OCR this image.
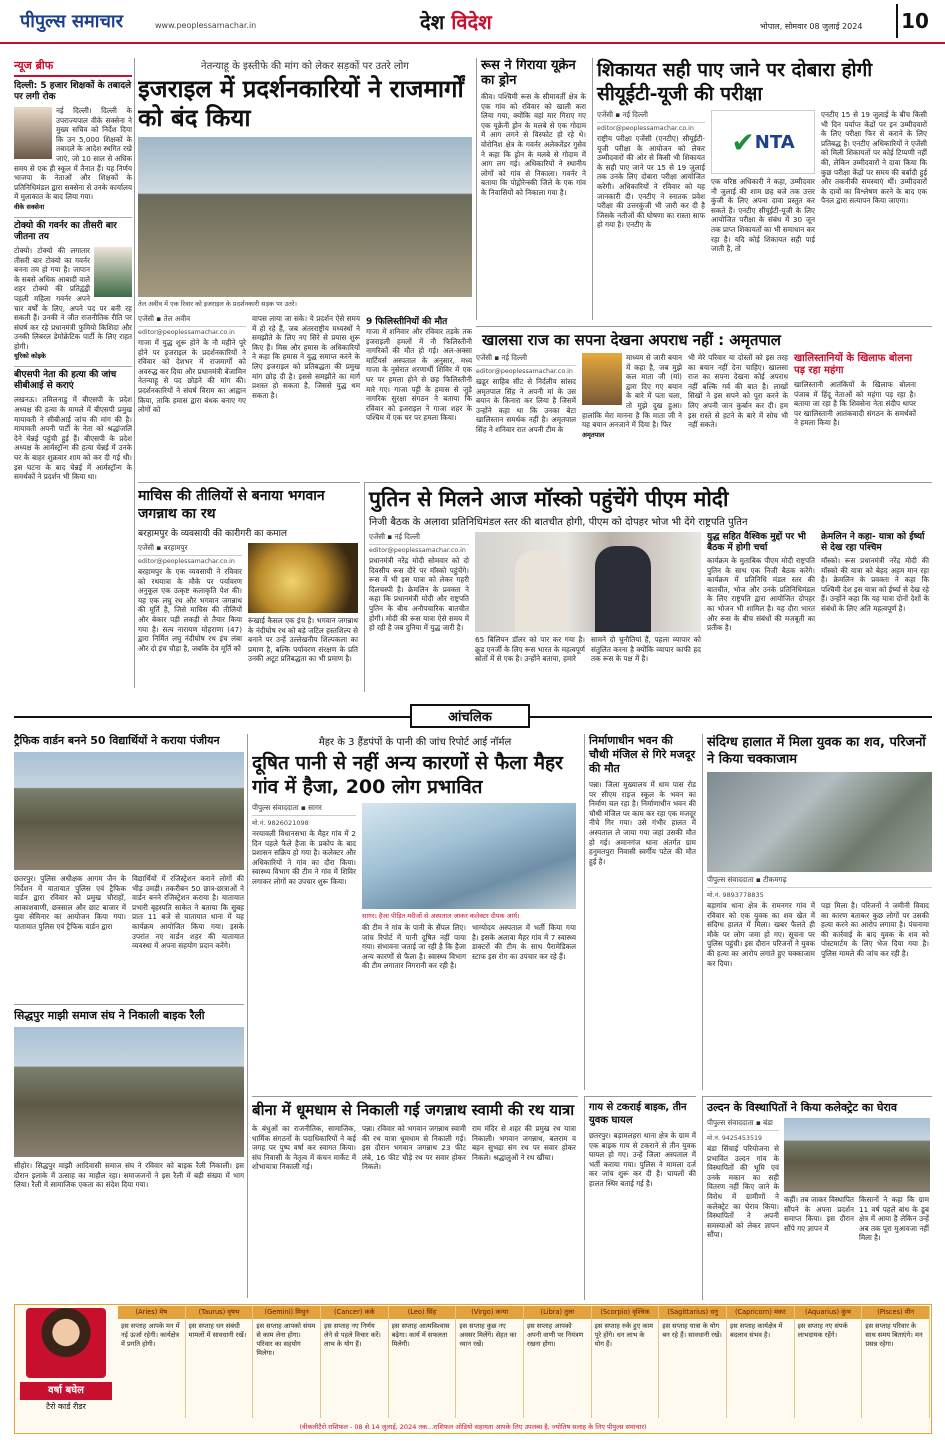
पीपुल्स समाचार	www.peoplessamachar.in	देश विदेश	भोपाल, सोमवार 08 जुलाई 2024 10
न्यूज ब्रीफ
दिल्ली: 5 हजार शिक्षकों के तबादले पर लगी रोक
नई दिल्ली। दिल्ली के उपराज्यपाल वीके सक्सेना ने मुख्य सचिव को निर्देश दिया कि उन 5,000 शिक्षकों के तबादले के आदेश स्थगित रखे जाएं, जो 10 साल से अधिक समय से एक ही स्कूल में तैनात हैं। यह निर्णय भाजपा के नेताओं और शिक्षकों के प्रतिनिधिमंडल द्वारा सक्सेना से उनके कार्यालय में मुलाकात के बाद लिया गया।
वीके सक्सेना
टोक्यो की गवर्नर का तीसरी बार जीतना तय
टोक्यो। टोक्यो की लगातार तीसरी बार टोक्यो का गवर्नर बनना तय हो गया है। जापान के सबसे अधिक आबादी वाले शहर टोक्यो की प्रतिद्वंद्वी पहली महिला गवर्नर अपने चार वर्षों के लिए, अपने पद पर बनी रह सकती हैं। उनकी ने जीत राजनीतिक रीति पर संघर्ष कर रहे प्रधानमंत्री फुमियो किशिदा और उनकी लिबरल डेमोक्रेटिक पार्टी के लिए राहत होगी।
यूरिको कोइके
बीएसपी नेता की हत्या की जांच सीबीआई से कराएं
लखनऊ। तमिलनाडु में बीएसपी के प्रदेश अध्यक्ष की हत्या के मामले में बीएसपी प्रमुख मायावती ने सीबीआई जांच की मांग की है। मायावती अपनी पार्टी के नेता को श्रद्धांजलि देने चेन्नई पहुंची हुई हैं। बीएसपी के प्रदेश अध्यक्ष के आर्मस्ट्रॉन्ग की हत्या चेन्नई में उनके घर के बाहर शुक्रवार शाम को कर दी गई थी। इस घटना के बाद चेन्नई में आर्मस्ट्रॉन्ग के समर्थकों ने प्रदर्शन भी किया था।
नेतन्याहू के इस्तीफे की मांग को लेकर सड़कों पर उतरे लोग
इजराइल में प्रदर्शनकारियों ने राजमार्गों को बंद किया
तेल अवीव में एक रिवार को इजराइल के प्रदर्शनकारी सड़क पर उतरे।
एजेंसी ▪ तेल अवीव
editor@peoplessamachar.co.in
गाजा में युद्ध शुरू होने के नौ महीने पूरे होने पर इजराइल के प्रदर्शनकारियों ने रविवार को देशभर में राजमार्गों को अवरुद्ध कर दिया और प्रधानमंत्री बेंजामिन नेतन्याहू से पद छोड़ने की मांग की। प्रदर्शनकारियों ने संघर्ष विराम का आह्वान किया, ताकि हमास द्वारा बंधक बनाए गए लोगों को
वापस लाया जा सके। ये प्रदर्शन ऐसे समय में हो रहे हैं, जब अंतरराष्ट्रीय मध्यस्थों ने समझौते के लिए नए सिरे से प्रयास शुरू किए हैं। मिस्र और हमास के अधिकारियों ने कहा कि हमास ने युद्ध समाप्त करने के लिए इजराइल को प्रतिबद्धता की प्रमुख मांग छोड़ दी है। इससे समझौते का मार्ग प्रशस्त हो सकता है, जिससे युद्ध थम सकता है।
9 फिलिस्तीनियों की मौत
गाजा में शनिवार और रविवार तड़के तक इजराइली हमलों में नौ फिलिस्तीनी नागरिकों की मौत हो गई। अल-अक्सा मार्टियर्स अस्पताल के अनुसार, मध्य गाजा के नुसेरात शरणार्थी शिविर में एक घर पर हमला होने से छह फिलिस्तीनी मारे गए। गाजा पट्टी के हमास से जुड़े नागरिक सुरक्षा संगठन ने बताया कि रविवार को इजराइल ने गाजा शहर के पश्चिम में एक घर पर हमला किया।
रूस ने गिराया यूक्रेन का ड्रोन
कीव। पश्चिमी रूस के सीमावर्ती क्षेत्र के एक गांव को रविवार को खाली करा लिया गया, क्योंकि वहां मार गिराए गए एक यूक्रेनी ड्रोन के मलबे से एक गोदाम में आग लगने से विस्फोट हो रहे थे। वोरोनिश क्षेत्र के गवर्नर अलेक्जेंडर गुसेव ने कहा कि ड्रोन के मलबे से गोदाम में आग लग गई। अधिकारियों ने स्थानीय लोगों को गांव से निकाला। गवर्नर ने बताया कि पोद्गोरेन्स्की जिले के एक गांव के निवासियों को निकाला गया है।
शिकायत सही पाए जाने पर दोबारा होगी सीयूईटी-यूजी की परीक्षा
एजेंसी ▪ नई दिल्ली
editor@peoplessamachar.co.in
राष्ट्रीय परीक्षा एजेंसी (एनटीए) सीयूईटी-यूजी परीक्षा के आयोजन को लेकर उम्मीदवारों की ओर से किसी भी शिकायत के सही पाए जाने पर 15 से 19 जुलाई तक उनके लिए दोबारा परीक्षा आयोजित करेगी। अधिकारियों ने रविवार को यह जानकारी दी। एनटीए ने स्नातक प्रवेश परीक्षा की उत्तरकुंजी भी जारी कर दी है जिसके नतीजों की घोषणा का रास्ता साफ हो गया है। एनटीए के
✔ NTA
एक वरिष्ठ अधिकारी ने कहा, उम्मीदवार नौ जुलाई की शाम छह बजे तक उत्तर कुंजी के लिए अपना दावा प्रस्तुत कर सकते हैं। एनटीए सीयूईटी-यूजी के लिए आयोजित परीक्षा के संबंध में 30 जून तक प्राप्त शिकायतों का भी समाधान कर रहा है। यदि कोई शिकायत सही पाई जाती है, तो
एनटीए 15 से 19 जुलाई के बीच किसी भी दिन पर्याप्त केंद्रों पर इन उम्मीदवारों के लिए परीक्षा फिर से कराने के लिए प्रतिबद्ध है। एनटीए अधिकारियों ने एजेंसी को मिली शिकायतों पर कोई टिप्पणी नहीं की, लेकिन उम्मीदवारों ने दावा किया कि कुछ परीक्षा केंद्रों पर समय की बर्बादी हुई और तकनीकी समस्याएं थीं। उम्मीदवारों के दावों का विश्लेषण करने के बाद एक पैनल द्वारा सत्यापन किया जाएगा।
खालसा राज का सपना देखना अपराध नहीं : अमृतपाल
एजेंसी ▪ नई दिल्ली
editor@peoplessamachar.co.in
खडूर साहिब सीट से निर्दलीय सांसद अमृतपाल सिंह ने अपनी मां के उस बयान के किनारा कर लिया है जिसमें उन्होंने कहा था कि उनका बेटा खालिस्तान समर्थक नहीं है। अमृतपाल सिंह ने शनिवार रात अपनी टीम के
माध्यम से जारी बयान में कहा है, जब मुझे कल माता जी (मां) द्वारा दिए गए बयान के बारे में पता चला, तो मुझे दुख हुआ। हालांकि मेरा मानना है कि माता जी ने यह बयान अनजाने में दिया है। फिर
अमृतपाल
भी मेरे परिवार या दोस्तों को इस तरह का बयान नहीं देना चाहिए। खालसा राज का सपना देखना कोई अपराध नहीं बल्कि गर्व की बात है। लाखों सिखों ने इस सपने को पूरा करने के लिए अपनी जान कुर्बान कर दी। हम इस रास्ते से हटने के बारे में सोच भी नहीं सकते।
खालिस्तानियों के खिलाफ बोलना पड़ रहा महंगा
खालिस्तानी आतंकियों के खिलाफ बोलना पंजाब में हिंदू नेताओं को महंगा पड़ रहा है। बताया जा रहा है कि शिवसेना नेता संदीप थापर पर खालिस्तानी आतंकवादी संगठन के समर्थकों ने हमला किया है।
माचिस की तीलियों से बनाया भगवान जगन्नाथ का रथ
बरहामपुर के व्यवसायी की कारीगरी का कमाल
एजेंसी ▪ बरहामपुर
editor@peoplessamachar.co.in
बरहामपुर के एक व्यवसायी ने रविवार को रथयात्रा के मौके पर पर्यावरण अनुकूल एक उत्कृष्ट कलाकृति पेश की। यह एक लघु रथ और भगवान जगन्नाथ की मूर्ति है, जिसे माचिस की तीलियों और बेकार पड़ी लकड़ी से तैयार किया गया है। सत्य नारायण मोहराणा (47) द्वारा निर्मित लघु नंदीघोष रथ इंच लंबा और दो इंच चौड़ा है, जबकि देव मूर्ति को
रूंखाई कैसल एक इंच है। भगवान जगन्नाथ के नंदीघोष रथ को बड़े जटिल हस्तशिल्प से बनाने पर उन्हें उल्लेखनीय शिल्पकला का प्रमाण है, बल्कि पर्यावरण संरक्षण के प्रति उनकी अटूट प्रतिबद्धता का भी प्रमाण है।
पुतिन से मिलने आज मॉस्को पहुंचेंगे पीएम मोदी
निजी बैठक के अलावा प्रतिनिधिमंडल स्तर की बातचीत होगी, पीएम को दोपहर भोज भी देंगे राष्ट्रपति पुतिन
एजेंसी ▪ नई दिल्ली
editor@peoplessamachar.co.in
प्रधानमंत्री नरेंद्र मोदी सोमवार को दो दिवसीय रूस दौरे पर मॉस्को पहुंचेंगे। रूस में भी इस यात्रा को लेकर गहरी दिलचस्पी है। क्रेमलिन के प्रवक्ता ने कहा कि प्रधानमंत्री मोदी और राष्ट्रपति पुतिन के बीच अनौपचारिक बातचीत होगी। मोदी की रूस यात्रा ऐसे समय में हो रही है जब दुनिया में युद्ध जारी है।
65 बिलियन डॉलर को पार कर गया है। क्रूड एनर्जी के लिए रूस भारत के महत्वपूर्ण स्रोतों में से एक है। उन्होंने बताया, हमारे
सामने दो चुनौतियां हैं, पहला व्यापार को संतुलित करना है क्योंकि व्यापार काफी हद तक रूस के पक्ष में है।
युद्ध सहित वैश्विक मुद्दों पर भी बैठक में होगी चर्चा
कार्यक्रम के मुताबिक पीएम मोदी राष्ट्रपति पुतिन के साथ एक निजी बैठक करेंगे। कार्यक्रम में प्रतिनिधि मंडल स्तर की बातचीत, भोज और उनके प्रतिनिधिमंडल के लिए राष्ट्रपति द्वारा आयोजित दोपहर का भोजन भी शामिल है। यह दौरा भारत और रूस के बीच संबंधों की मजबूती का प्रतीक है।
क्रेमलिन ने कहा- यात्रा को ईर्ष्या से देख रहा पश्चिम
मॉस्को। रूस प्रधानमंत्री नरेंद्र मोदी की मॉस्को की यात्रा को बेहद अहम मान रहा है। क्रेमलिन के प्रवक्ता ने कहा कि पश्चिमी देश इस यात्रा को ईर्ष्या से देख रहे हैं। उन्होंने कहा कि यह यात्रा दोनों देशों के संबंधों के लिए अति महत्वपूर्ण है।
आंचलिक
ट्रैफिक वार्डन बनने 50 विद्यार्थियों ने कराया पंजीयन
छतरपुर। पुलिस अधीक्षक आगम जैन के निर्देशन में यातायात पुलिस एवं ट्रैफिक वार्डन द्वारा रविवार को प्रमुख चौराहों, आकाशवाणी, छत्रसाल और छाट बाजार में युवा सेमिनार का आयोजन किया गया। यातायात पुलिस एवं ट्रैफिक वार्डन द्वारा
विद्यार्थियों में रजिस्ट्रेशन कराने लोगों की भीड़ उमड़ी। तकरीबन 50 छात्र-छात्राओं ने वार्डन बनने रजिस्ट्रेशन कराया है। यातायात प्रभारी बृहस्पति साकेत ने बताया कि सुबह प्रातः 11 बजे से यातायात थाना में यह कार्यक्रम आयोजित किया गया। इसके उपरांत नए वार्डन शहर की यातायात व्यवस्था में अपना सहयोग प्रदान करेंगे।
सिद्धपुर माझी समाज संघ ने निकाली बाइक रैली
सीहोर। सिद्धपुर माझी आदिवासी समाज संघ ने रविवार को बाइक रैली निकाली। इस दौरान इलाके में उत्साह का माहौल रहा। समाजजनों ने इस रैली में बड़ी संख्या में भाग लिया। रैली में सामाजिक एकता का संदेश दिया गया।
मैहर के 3 हैंडपंपों के पानी की जांच रिपोर्ट आई नॉर्मल
दूषित पानी से नहीं अन्य कारणों से फैला मैहर गांव में हैजा, 200 लोग प्रभावित
पीपुल्स संवाददाता ▪ सागर
मो.नं. 9826021098
नरयावली विधानसभा के मैहर गांव में 2 दिन पहले फैले हैजा के प्रकोप के बाद प्रशासन सक्रिय हो गया है। कलेक्टर और अधिकारियों ने गांव का दौरा किया। स्वास्थ्य विभाग की टीम ने गांव में शिविर लगाकर लोगों का उपचार शुरू किया।
सागर। हैजा पीड़ित मरीजों से अस्पताल जाकर कलेक्टर दीपक आर्य।
की टीम ने गांव के पानी के सैंपल लिए। जांच रिपोर्ट में पानी दूषित नहीं पाया गया। संभावना जताई जा रही है कि हैजा अन्य कारणों से फैला है। स्वास्थ्य विभाग की टीम लगातार निगरानी कर रही है।
भाग्योदय अस्पताल में भर्ती किया गया है। इसके अलावा मैहर गांव में 7 स्वास्थ्य डाक्टरों की टीम के साथ पैरामेडिकल स्टाफ इस रोग का उपचार कर रहे हैं।
बीना में धूमधाम से निकाली गई जगन्नाथ स्वामी की रथ यात्रा
के बंधुओं का राजनीतिक, सामाजिक, धार्मिक संगठनों के पदाधिकारियों ने कई जगह पर पुष्प वर्षा कर स्वागत किया। संघ निवासी के नेतृत्व में कंचन मार्केट में शोभायात्रा निकाली गई।
पन्ना। रविवार को भगवान जगन्नाथ स्वामी की रथ यात्रा धूमधाम से निकाली गई। इस दौरान भगवान जगन्नाथ 23 फीट लंबे, 16 फीट चौड़े रथ पर सवार होकर निकले।
राम मंदिर से शहर की प्रमुख रथ यात्रा निकाली। भगवान जगन्नाथ, बलराम व बहन सुभद्रा संग रथ पर सवार होकर निकले। श्रद्धालुओं ने रथ खींचा।
निर्माणाधीन भवन की चौथी मंजिल से गिरे मजदूर की मौत
पन्ना। जिला मुख्यालय में धाम पास रोड पर सीएम राइज स्कूल के भवन का निर्माण चल रहा है। निर्माणाधीन भवन की चौथी मंजिल पर काम कर रहा एक मजदूर नीचे गिर गया। उसे गंभीर हालत में अस्पताल ले जाया गया जहां उसकी मौत हो गई। अमानगंज थाना अंतर्गत ग्राम हनुमतपुरा निवासी स्वर्गीय पटेल की मौत हुई है।
गाय से टकराई बाइक, तीन युवक घायल
छतरपुर। बड़ामलहरा थाना क्षेत्र के ग्राम में एक बाइक गाय से टकराने से तीन युवक घायल हो गए। उन्हें जिला अस्पताल में भर्ती कराया गया। पुलिस ने मामला दर्ज कर जांच शुरू कर दी है। घायलों की हालत स्थिर बताई गई है।
संदिग्ध हालात में मिला युवक का शव, परिजनों ने किया चक्काजाम
पीपुल्स संवाददाता ▪ टीकमगढ़
मो.नं. 9893778835
बड़ागांव थाना क्षेत्र के रामनगर गांव में रविवार को एक युवक का शव खेत में संदिग्ध हालत में मिला। खबर फैलते ही मौके पर लोग जमा हो गए। सूचना पर पुलिस पहुंची। इस दौरान परिजनों ने युवक की हत्या का आरोप लगाते हुए चक्काजाम कर दिया।
पड़ा मिला है। परिजनों ने जमीनी विवाद का कारण बताकर कुछ लोगों पर उसकी हत्या करने का आरोप लगाया है। पंचनामा की कार्रवाई के बाद युवक के शव को पोस्टमार्टम के लिए भेज दिया गया है। पुलिस मामले की जांच कर रही है।
उल्दन के विस्थापितों ने किया कलेक्ट्रेट का घेराव
पीपुल्स संवाददाता ▪ बंडा
मो.नं. 9425453519
बंडा सिंचाई परियोजना से प्रभावित उल्दन गांव के विस्थापितों की भूमि एवं उनके मकान का सही वितरण नहीं किए जाने के विरोध में ग्रामीणों ने कलेक्ट्रेट का घेराव किया। विस्थापितों ने अपनी समस्याओं को लेकर ज्ञापन सौंपा।
कहीं। तब जाकर विस्थापित सौंपने के अपना प्रदर्शन समाप्त किया। इस दौरान सौंपे गए ज्ञापन में
किसानों ने कहा कि ग्राम 11 वर्ष पहले बांध के डूब क्षेत्र में आया है लेकिन उन्हें अब तक पूरा मुआवजा नहीं मिला है।
वर्षा बघेल
टैरो कार्ड रीडर
(Aries) मेष
इस सप्ताह आपके मन में नई ऊर्जा रहेगी। कार्यक्षेत्र में प्रगति होगी।
(Taurus) वृषभ
इस सप्ताह धन संबंधी मामलों में सावधानी रखें।
(Gemini) मिथुन
इस सप्ताह आपको संयम से काम लेना होगा। परिवार का सहयोग मिलेगा।
(Cancer) कर्क
इस सप्ताह नए निर्णय लेने से पहले विचार करें। लाभ के योग हैं।
(Leo) सिंह
इस सप्ताह आत्मविश्वास बढ़ेगा। कार्य में सफलता मिलेगी।
(Virgo) कन्या
इस सप्ताह कुछ नए अवसर मिलेंगे। सेहत का ध्यान रखें।
(Libra) तुला
इस सप्ताह आपको अपनी वाणी पर नियंत्रण रखना होगा।
(Scorpio) वृश्चिक
इस सप्ताह रुके हुए काम पूरे होंगे। धन लाभ के योग हैं।
(Sagittarius) धनु
इस सप्ताह यात्रा के योग बन रहे हैं। सावधानी रखें।
(Capricorn) मकर
इस सप्ताह कार्यक्षेत्र में बदलाव संभव है।
(Aquarius) कुंभ
इस सप्ताह नए संपर्क लाभदायक रहेंगे।
(Pisces) मीन
इस सप्ताह परिवार के साथ समय बिताएंगे। मन प्रसन्न रहेगा।
(वीकलीटैरो राशिफल - 08 से 14 जुलाई, 2024 तक...राशिफल ओडियो सहायता आपके लिए उपलब्ध है, ज्योतिष सलाह के लिए पीपुल्स समाचार)
